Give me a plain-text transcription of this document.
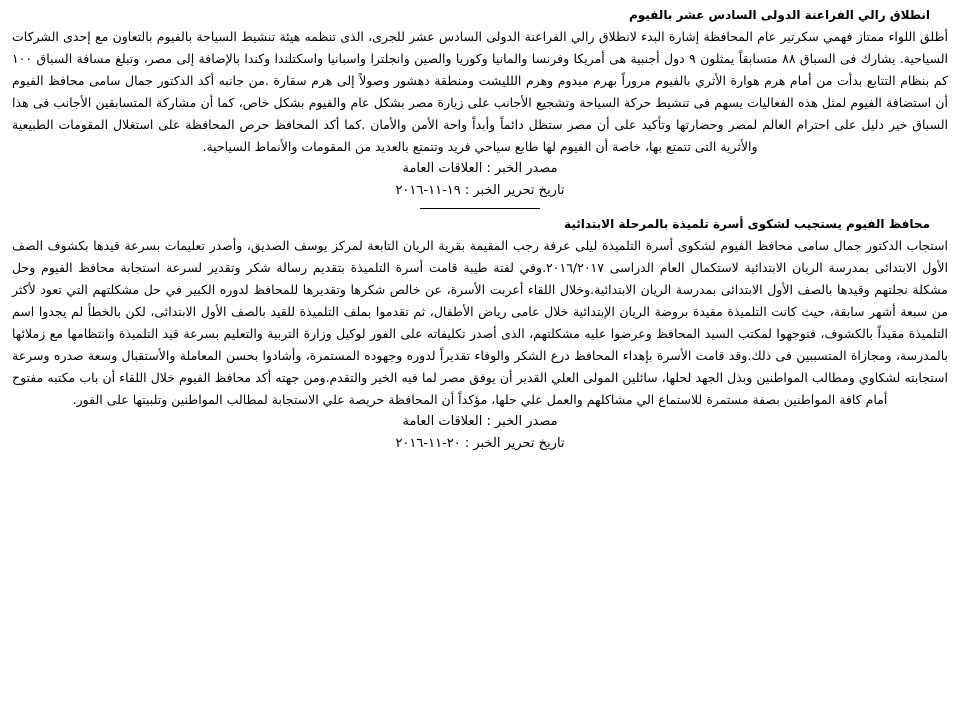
انطلاق رالي الفراعنة الدولى السادس عشر بالفيوم

أطلق اللواء ممتاز فهمي سكرتير عام المحافظة إشارة البدء لانطلاق رالي الفراعنة الدولى السادس عشر للجرى، الذى تنظمه هيئة تنشيط السياحة بالفيوم بالتعاون مع إحدى الشركات السياحية. يشارك فى السباق ٨٨ متسابقاً يمثلون ٩ دول أجنبية هى أمريكا وفرنسا والمانيا وكوريا والصين وانجلترا واسبانيا واسكتلندا وكندا بالإضافة إلى مصر، وتبلغ مسافة السباق ١٠٠ كم بنظام التتابع بدأت من أمام هرم هوارة الأثري بالفيوم مروراً بهرم ميدوم وهرم اللليشت ومنطقة دهشور وصولاً إلى هرم سقارة .من جانبه أكد الدكتور جمال سامى محافظ الفيوم أن استضافة الفيوم لمثل هذه الفعاليات يسهم فى تنشيط حركة السياحة وتشجيع الأجانب على زيارة مصر بشكل عام والفيوم بشكل خاص، كما أن مشاركة المتسابقين الأجانب فى هذا السباق خير دليل على احترام العالم لمصر وحضارتها وتأكيد على أن مصر ستظل دائماً وأبداً واحة الأمن والأمان .كما أكد المحافظ حرص المحافظة على استغلال المقومات الطبيعية والأثرية التى تتمتع بها، خاصة أن الفيوم لها طابع سياحي فريد وتتمتع بالعديد من المقومات والأنماط السياحية.

مصدر الخبر : العلاقات العامة

تاريخ تحرير الخبر : ١٩-١١-٢٠١٦

محافظ الفيوم يستجيب لشكوى أسرة تلميذة بالمرحلة الابتدائية

استجاب الدكتور جمال سامى محافظ الفيوم لشكوى أسرة التلميذة ليلى عرفة رجب المقيمة بقرية الريان التابعة لمركز يوسف الصديق، وأصدر تعليمات بسرعة قيدها بكشوف الصف الأول الابتدائى بمدرسة الريان الابتدائية لاستكمال العام الدراسى ٢٠١٦/٢٠١٧.وفي لفتة طيبة قامت أسرة التلميذة بتقديم رسالة شكر وتقدير لسرعة استجابة محافظ الفيوم وحل مشكلة نجلتهم وقيدها بالصف الأول الابتدائى بمدرسة الريان الابتدائية.وخلال اللقاء أعربت الأسرة، عن خالص شكرها وتقديرها للمحافظ لدوره الكبير في حل مشكلتهم التي تعود لأكثر من سبعة أشهر سابقة، حيث كانت التلميذة مقيدة بروضة الريان الإبتدائية خلال عامى رياض الأطفال، ثم تقدموا بملف التلميذة للقيد بالصف الأول الابتدائى، لكن بالخطأ لم يجدوا اسم التلميذة مقيداً بالكشوف، فتوجهوا لمكتب السيد المحافظ وعرضوا عليه مشكلتهم، الذى أصدر تكليفاته على الفور لوكيل وزارة التربية والتعليم بسرعة قيد التلميذة وانتظامها مع زملائها بالمدرسة، ومجازاة المتسببين فى ذلك.وقد قامت الأسرة بإهداء المحافظ درع الشكر والوفاء تقديراً لدوره وجهوده المستمرة، وأشادوا بحسن المعاملة والأستقبال وسعة صدره وسرعة استجابته لشكاوي ومطالب المواطنين وبذل الجهد لحلها، سائلين المولى العلي القدير أن يوفق مصر لما فيه الخير والتقدم.ومن جهته أكد محافظ الفيوم خلال اللقاء أن باب مكتبه مفتوح أمام كافة المواطنين بصفة مستمرة للاستماع الي مشاكلهم والعمل علي حلها، مؤكداً أن المحافظة حريصة علي الاستجابة لمطالب المواطنين وتلبيتها على الفور.

مصدر الخبر : العلاقات العامة

تاريخ تحرير الخبر : ٢٠-١١-٢٠١٦
